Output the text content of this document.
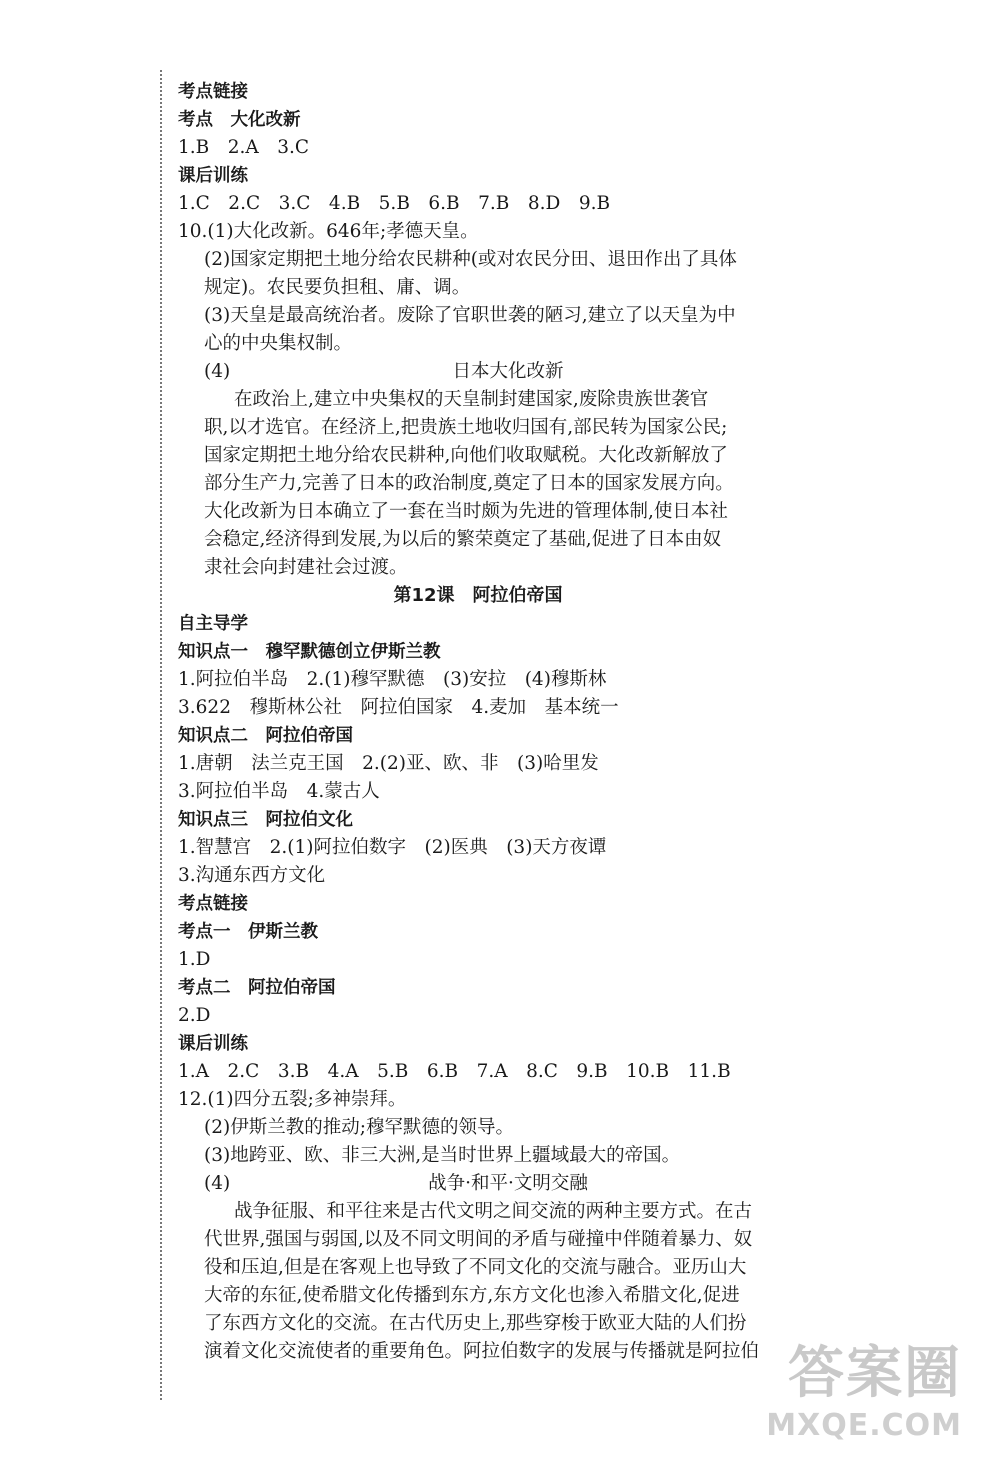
考点链接
考点　大化改新
1.B　2.A　3.C
课后训练
1.C　2.C　3.C　4.B　5.B　6.B　7.B　8.D　9.B
10.(1)大化改新。646年;孝德天皇。
(2)国家定期把土地分给农民耕种(或对农民分田、退田作出了具体
规定)。农民要负担租、庸、调。
(3)天皇是最高统治者。废除了官职世袭的陋习,建立了以天皇为中
心的中央集权制。
(4)	日本大化改新
在政治上,建立中央集权的天皇制封建国家,废除贵族世袭官
职,以才选官。在经济上,把贵族土地收归国有,部民转为国家公民;
国家定期把土地分给农民耕种,向他们收取赋税。大化改新解放了
部分生产力,完善了日本的政治制度,奠定了日本的国家发展方向。
大化改新为日本确立了一套在当时颇为先进的管理体制,使日本社
会稳定,经济得到发展,为以后的繁荣奠定了基础,促进了日本由奴
隶社会向封建社会过渡。
第12课　阿拉伯帝国
自主导学
知识点一　穆罕默德创立伊斯兰教
1.阿拉伯半岛　2.(1)穆罕默德　(3)安拉　(4)穆斯林
3.622　穆斯林公社　阿拉伯国家　4.麦加　基本统一
知识点二　阿拉伯帝国
1.唐朝　法兰克王国　2.(2)亚、欧、非　(3)哈里发
3.阿拉伯半岛　4.蒙古人
知识点三　阿拉伯文化
1.智慧宫　2.(1)阿拉伯数字　(2)医典　(3)天方夜谭
3.沟通东西方文化
考点链接
考点一　伊斯兰教
1.D
考点二　阿拉伯帝国
2.D
课后训练
1.A　2.C　3.B　4.A　5.B　6.B　7.A　8.C　9.B　10.B　11.B
12.(1)四分五裂;多神崇拜。
(2)伊斯兰教的推动;穆罕默德的领导。
(3)地跨亚、欧、非三大洲,是当时世界上疆域最大的帝国。
(4)	战争·和平·文明交融
战争征服、和平往来是古代文明之间交流的两种主要方式。在古
代世界,强国与弱国,以及不同文明间的矛盾与碰撞中伴随着暴力、奴
役和压迫,但是在客观上也导致了不同文化的交流与融合。亚历山大
大帝的东征,使希腊文化传播到东方,东方文化也渗入希腊文化,促进
了东西方文化的交流。在古代历史上,那些穿梭于欧亚大陆的人们扮
演着文化交流使者的重要角色。阿拉伯数字的发展与传播就是阿拉伯 答案圈
MXQE.COM
